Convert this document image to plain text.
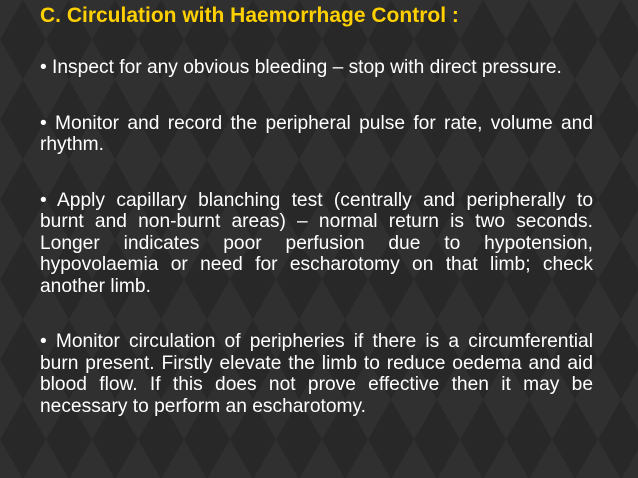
C. Circulation with Haemorrhage Control :
• Inspect for any obvious bleeding – stop with direct pressure.
• Monitor and record the peripheral pulse for rate, volume and rhythm.
• Apply capillary blanching test (centrally and peripherally to burnt and non-burnt areas) – normal return is two seconds. Longer indicates poor perfusion due to hypotension, hypovolaemia or need for escharotomy on that limb; check another limb.
• Monitor circulation of peripheries if there is a circumferential burn present. Firstly elevate the limb to reduce oedema and aid blood flow. If this does not prove effective then it may be necessary to perform an escharotomy.
